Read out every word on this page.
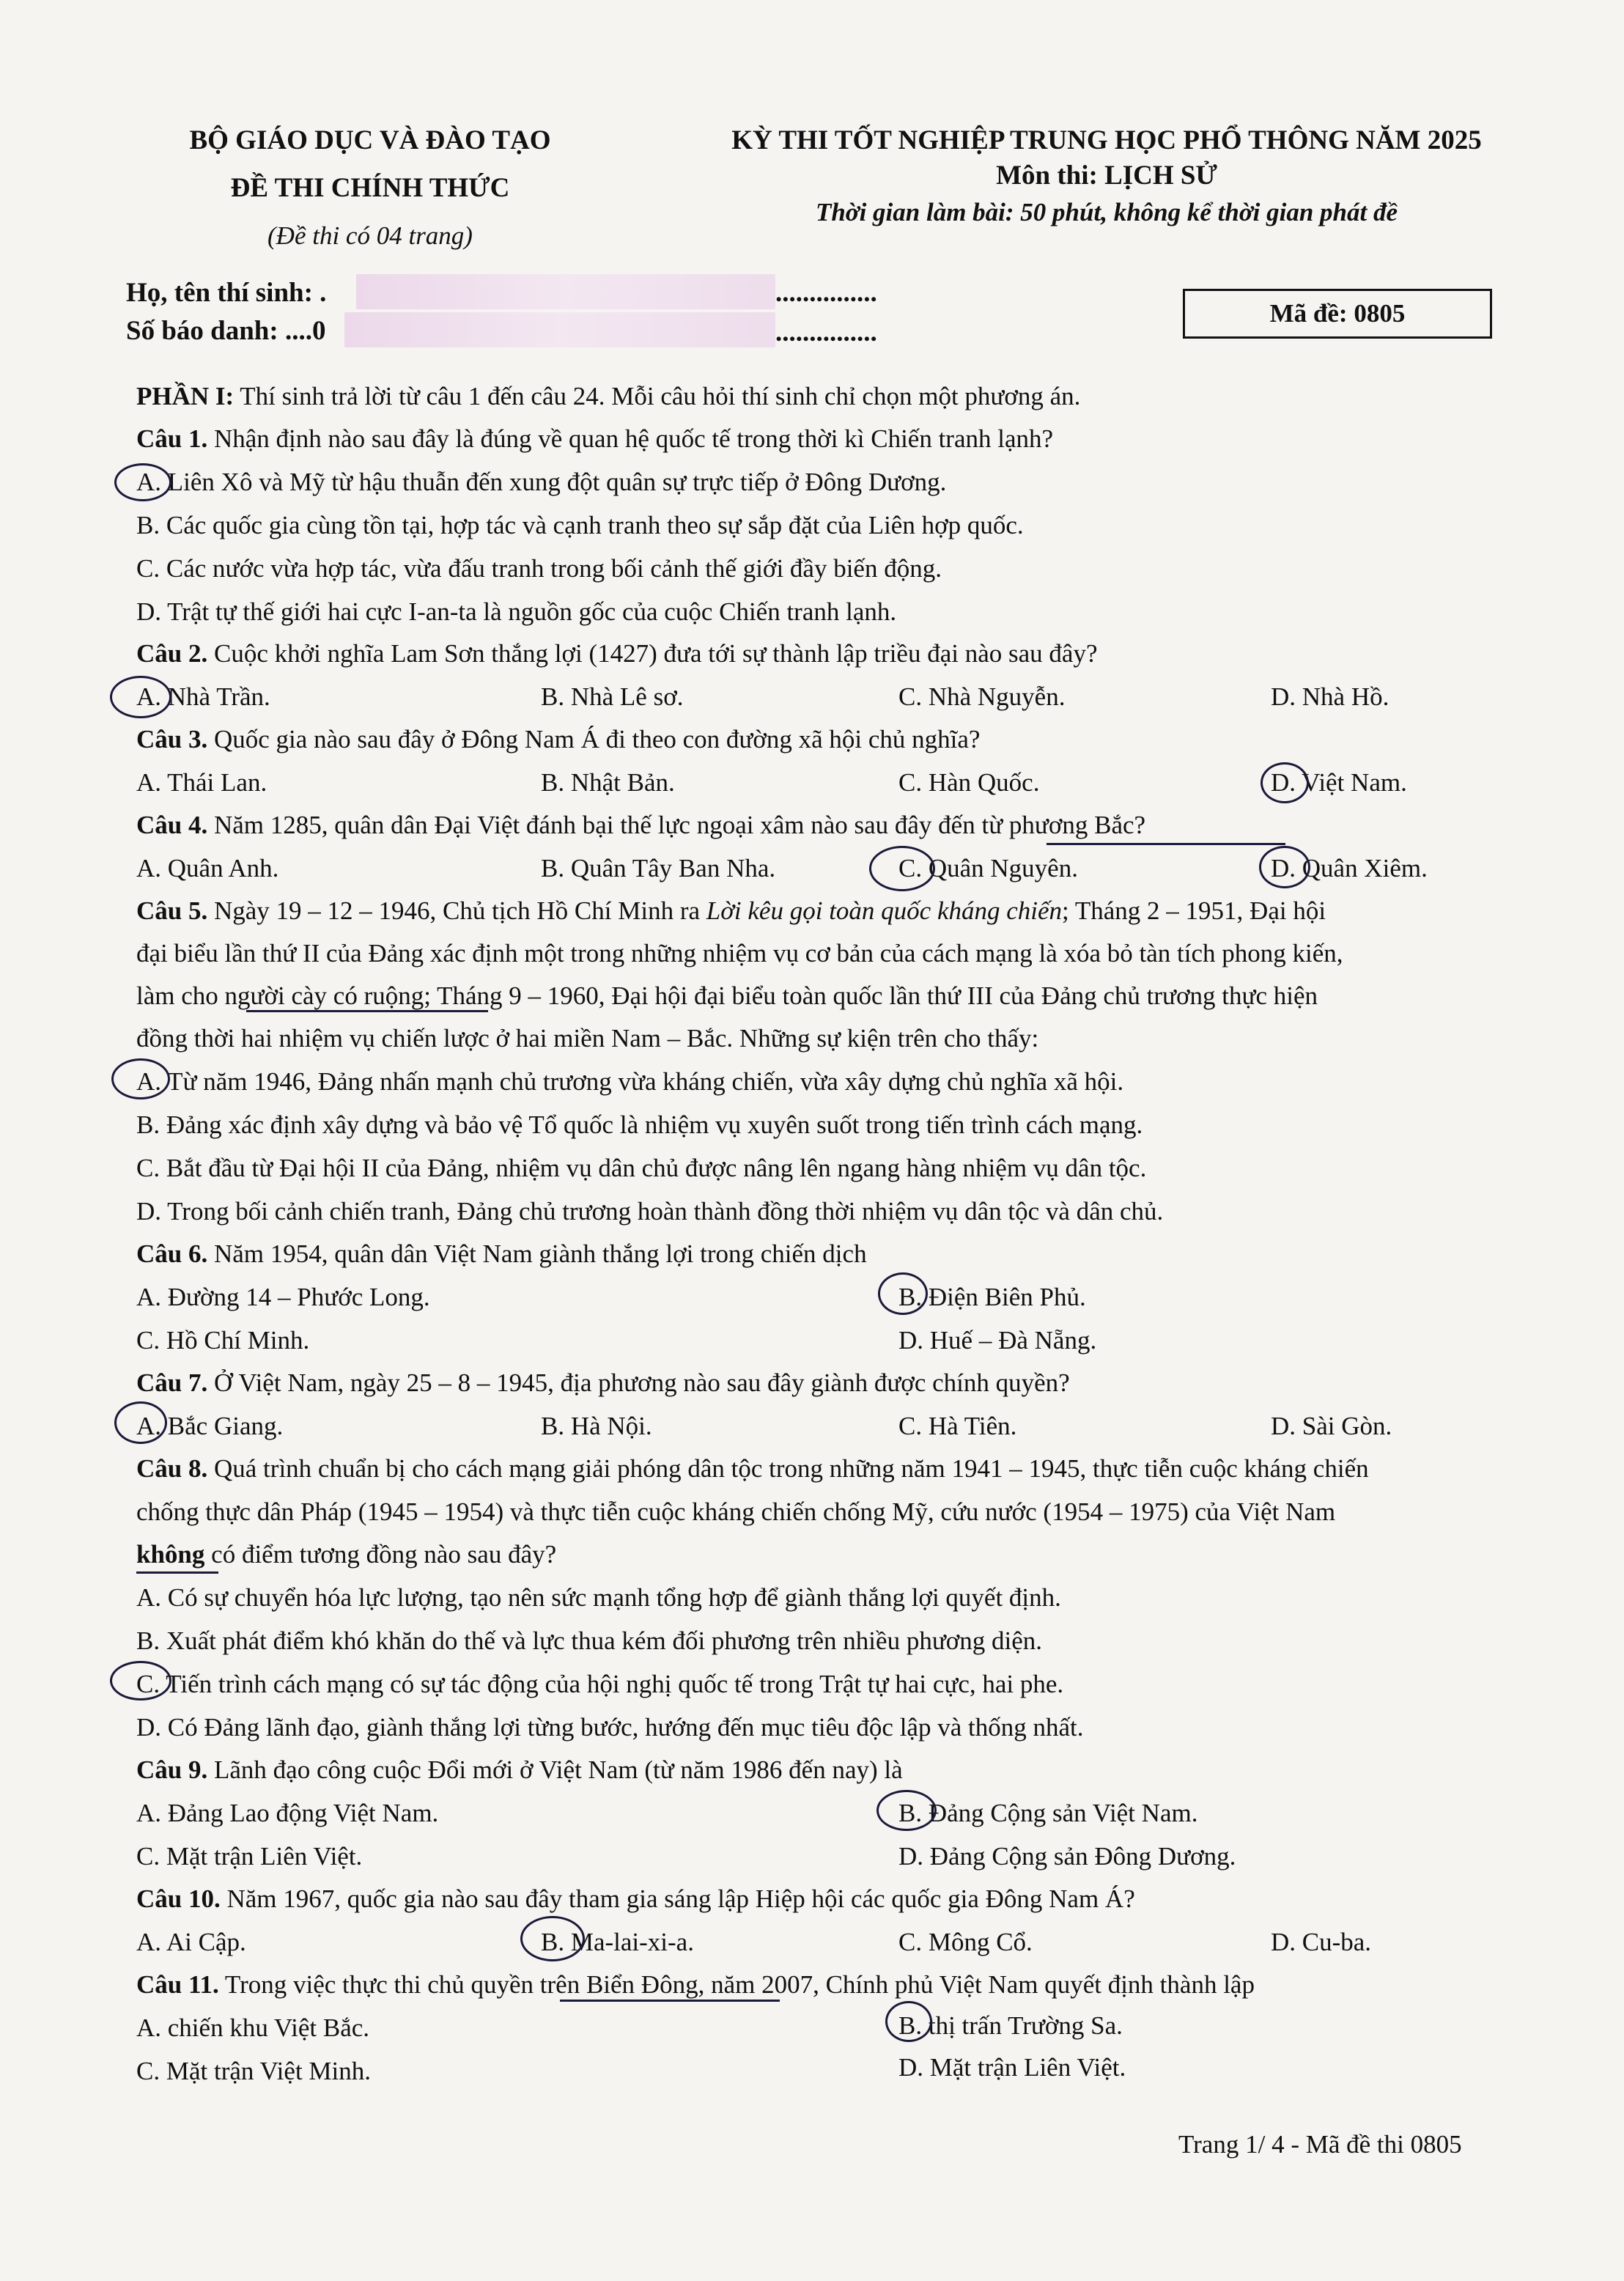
BỘ GIÁO DỤC VÀ ĐÀO TẠO
ĐỀ THI CHÍNH THỨC
(Đề thi có 04 trang)
KỲ THI TỐT NGHIỆP TRUNG HỌC PHỔ THÔNG NĂM 2025
Môn thi: LỊCH SỬ
Thời gian làm bài: 50 phút, không kể thời gian phát đề
Họ, tên thí sinh: .
Số báo danh: ....0
...............
...............
Mã đề: 0805
PHẦN I: Thí sinh trả lời từ câu 1 đến câu 24. Mỗi câu hỏi thí sinh chỉ chọn một phương án.
Câu 1. Nhận định nào sau đây là đúng về quan hệ quốc tế trong thời kì Chiến tranh lạnh?
A. Liên Xô và Mỹ từ hậu thuẫn đến xung đột quân sự trực tiếp ở Đông Dương.
B. Các quốc gia cùng tồn tại, hợp tác và cạnh tranh theo sự sắp đặt của Liên hợp quốc.
C. Các nước vừa hợp tác, vừa đấu tranh trong bối cảnh thế giới đầy biến động.
D. Trật tự thế giới hai cực I-an-ta là nguồn gốc của cuộc Chiến tranh lạnh.
Câu 2. Cuộc khởi nghĩa Lam Sơn thắng lợi (1427) đưa tới sự thành lập triều đại nào sau đây?
A. Nhà Trần.	B. Nhà Lê sơ.	C. Nhà Nguyễn.	D. Nhà Hồ.
Câu 3. Quốc gia nào sau đây ở Đông Nam Á đi theo con đường xã hội chủ nghĩa?
A. Thái Lan.	B. Nhật Bản.	C. Hàn Quốc.	D. Việt Nam.
Câu 4. Năm 1285, quân dân Đại Việt đánh bại thế lực ngoại xâm nào sau đây đến từ phương Bắc?
A. Quân Anh.	B. Quân Tây Ban Nha.	C. Quân Nguyên.	D. Quân Xiêm.
Câu 5. Ngày 19 – 12 – 1946, Chủ tịch Hồ Chí Minh ra Lời kêu gọi toàn quốc kháng chiến; Tháng 2 – 1951, Đại hội
đại biểu lần thứ II của Đảng xác định một trong những nhiệm vụ cơ bản của cách mạng là xóa bỏ tàn tích phong kiến,
làm cho người cày có ruộng; Tháng 9 – 1960, Đại hội đại biểu toàn quốc lần thứ III của Đảng chủ trương thực hiện
đồng thời hai nhiệm vụ chiến lược ở hai miền Nam – Bắc. Những sự kiện trên cho thấy:
A. Từ năm 1946, Đảng nhấn mạnh chủ trương vừa kháng chiến, vừa xây dựng chủ nghĩa xã hội.
B. Đảng xác định xây dựng và bảo vệ Tổ quốc là nhiệm vụ xuyên suốt trong tiến trình cách mạng.
C. Bắt đầu từ Đại hội II của Đảng, nhiệm vụ dân chủ được nâng lên ngang hàng nhiệm vụ dân tộc.
D. Trong bối cảnh chiến tranh, Đảng chủ trương hoàn thành đồng thời nhiệm vụ dân tộc và dân chủ.
Câu 6. Năm 1954, quân dân Việt Nam giành thắng lợi trong chiến dịch
A. Đường 14 – Phước Long.	B. Điện Biên Phủ.
C. Hồ Chí Minh.	D. Huế – Đà Nẵng.
Câu 7. Ở Việt Nam, ngày 25 – 8 – 1945, địa phương nào sau đây giành được chính quyền?
A. Bắc Giang.	B. Hà Nội.	C. Hà Tiên.	D. Sài Gòn.
Câu 8. Quá trình chuẩn bị cho cách mạng giải phóng dân tộc trong những năm 1941 – 1945, thực tiễn cuộc kháng chiến
chống thực dân Pháp (1945 – 1954) và thực tiễn cuộc kháng chiến chống Mỹ, cứu nước (1954 – 1975) của Việt Nam
không có điểm tương đồng nào sau đây?
A. Có sự chuyển hóa lực lượng, tạo nên sức mạnh tổng hợp để giành thắng lợi quyết định.
B. Xuất phát điểm khó khăn do thế và lực thua kém đối phương trên nhiều phương diện.
C. Tiến trình cách mạng có sự tác động của hội nghị quốc tế trong Trật tự hai cực, hai phe.
D. Có Đảng lãnh đạo, giành thắng lợi từng bước, hướng đến mục tiêu độc lập và thống nhất.
Câu 9. Lãnh đạo công cuộc Đổi mới ở Việt Nam (từ năm 1986 đến nay) là
A. Đảng Lao động Việt Nam.	B. Đảng Cộng sản Việt Nam.
C. Mặt trận Liên Việt.	D. Đảng Cộng sản Đông Dương.
Câu 10. Năm 1967, quốc gia nào sau đây tham gia sáng lập Hiệp hội các quốc gia Đông Nam Á?
A. Ai Cập.	B. Ma-lai-xi-a.	C. Mông Cổ.	D. Cu-ba.
Câu 11. Trong việc thực thi chủ quyền trên Biển Đông, năm 2007, Chính phủ Việt Nam quyết định thành lập
A. chiến khu Việt Bắc.	B. thị trấn Trường Sa.
C. Mặt trận Việt Minh.	D. Mặt trận Liên Việt.
Trang 1/ 4 - Mã đề thi 0805
